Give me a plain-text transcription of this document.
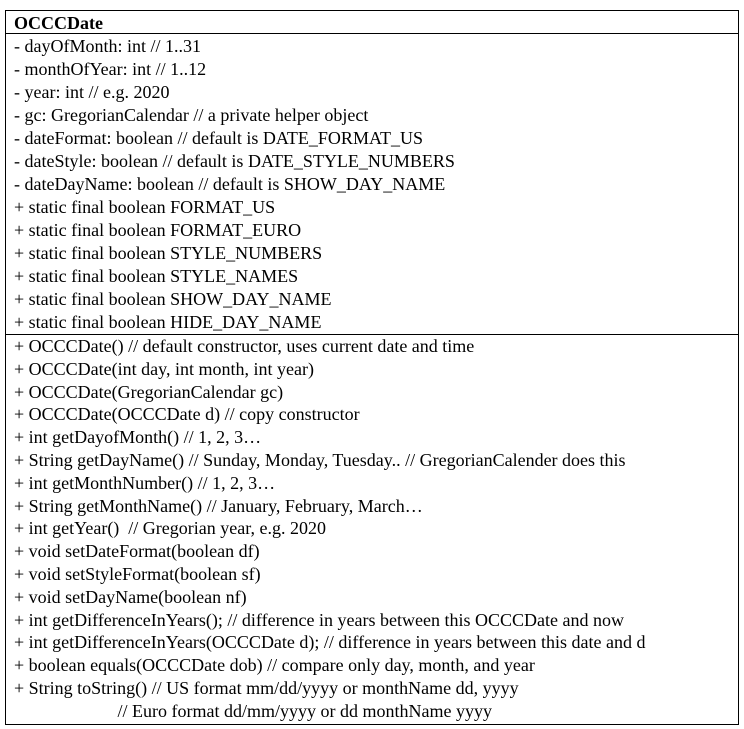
OCCCDate
- dayOfMonth: int // 1..31
- monthOfYear: int // 1..12
- year: int // e.g. 2020
- gc: GregorianCalendar // a private helper object
- dateFormat: boolean // default is DATE_FORMAT_US
- dateStyle: boolean // default is DATE_STYLE_NUMBERS
- dateDayName: boolean // default is SHOW_DAY_NAME
+ static final boolean FORMAT_US
+ static final boolean FORMAT_EURO
+ static final boolean STYLE_NUMBERS
+ static final boolean STYLE_NAMES
+ static final boolean SHOW_DAY_NAME
+ static final boolean HIDE_DAY_NAME
+ OCCCDate() // default constructor, uses current date and time
+ OCCCDate(int day, int month, int year)
+ OCCCDate(GregorianCalendar gc)
+ OCCCDate(OCCCDate d) // copy constructor
+ int getDayofMonth() // 1, 2, 3…
+ String getDayName() // Sunday, Monday, Tuesday.. // GregorianCalender does this
+ int getMonthNumber() // 1, 2, 3…
+ String getMonthName() // January, February, March…
+ int getYear()  // Gregorian year, e.g. 2020
+ void setDateFormat(boolean df)
+ void setStyleFormat(boolean sf)
+ void setDayName(boolean nf)
+ int getDifferenceInYears(); // difference in years between this OCCCDate and now
+ int getDifferenceInYears(OCCCDate d); // difference in years between this date and d
+ boolean equals(OCCCDate dob) // compare only day, month, and year
+ String toString() // US format mm/dd/yyyy or monthName dd, yyyy
// Euro format dd/mm/yyyy or dd monthName yyyy
